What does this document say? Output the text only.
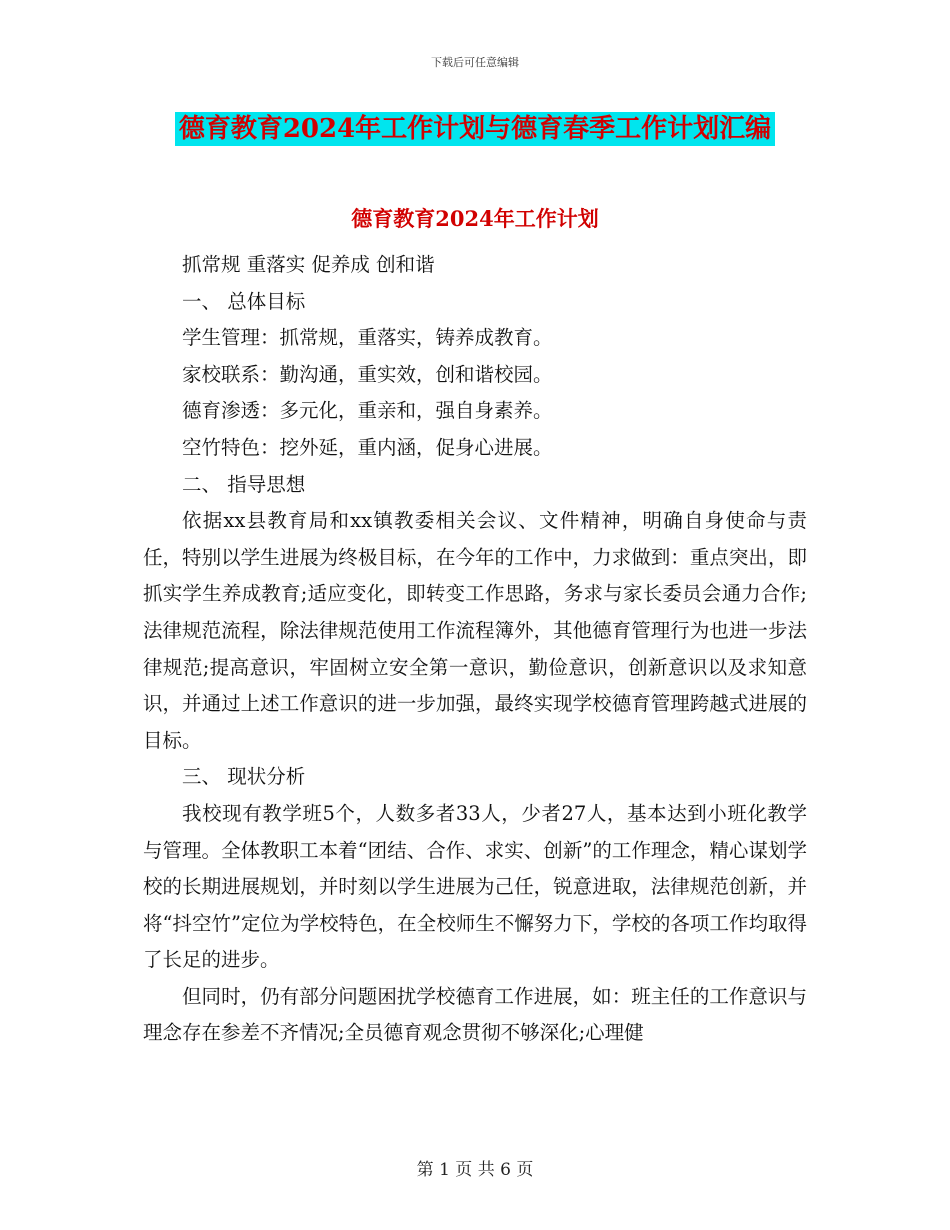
下载后可任意编辑
德育教育2024年工作计划与德育春季工作计划汇编
德育教育2024年工作计划

抓常规 重落实 促养成 创和谐

一、 总体目标

学生管理：抓常规，重落实，铸养成教育。

家校联系：勤沟通，重实效，创和谐校园。

德育渗透：多元化，重亲和，强自身素养。

空竹特色：挖外延，重内涵，促身心进展。

二、 指导思想

依据xx县教育局和xx镇教委相关会议、文件精神，明确自身使命与责任，特别以学生进展为终极目标，在今年的工作中，力求做到：重点突出，即抓实学生养成教育;适应变化，即转变工作思路，务求与家长委员会通力合作;法律规范流程，除法律规范使用工作流程簿外，其他德育管理行为也进一步法律规范;提高意识，牢固树立安全第一意识，勤俭意识，创新意识以及求知意识，并通过上述工作意识的进一步加强，最终实现学校德育管理跨越式进展的目标。

三、 现状分析

我校现有教学班5个，人数多者33人，少者27人，基本达到小班化教学与管理。全体教职工本着“团结、合作、求实、创新”的工作理念，精心谋划学校的长期进展规划，并时刻以学生进展为己任，锐意进取，法律规范创新，并将“抖空竹”定位为学校特色，在全校师生不懈努力下，学校的各项工作均取得了长足的进步。

但同时，仍有部分问题困扰学校德育工作进展，如：班主任的工作意识与理念存在参差不齐情况;全员德育观念贯彻不够深化;心理健

第 1 页 共 6 页
